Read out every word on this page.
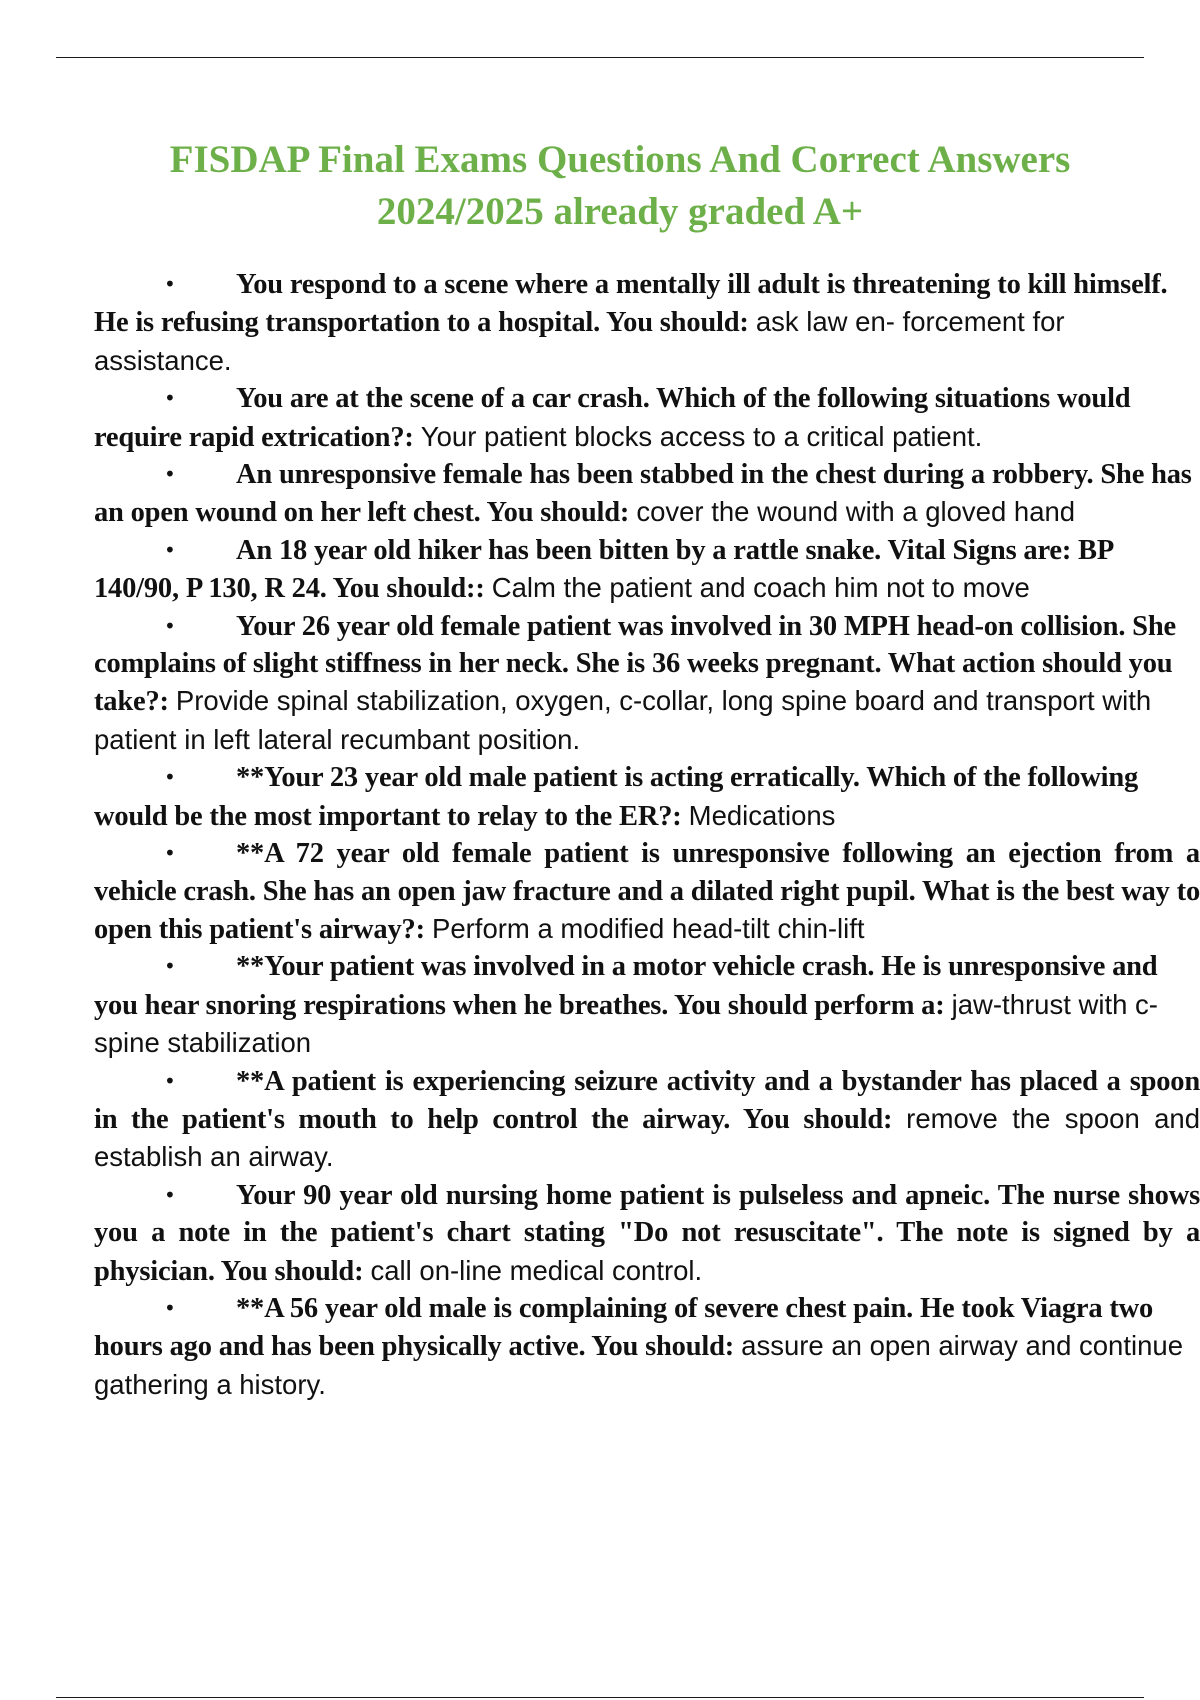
FISDAP Final Exams Questions And Correct Answers
2024/2025 already graded A+
• You respond to a scene where a mentally ill adult is threatening to kill himself. He is refusing transportation to a hospital. You should: ask law en- forcement for assistance.
• You are at the scene of a car crash. Which of the following situations would require rapid extrication?: Your patient blocks access to a critical patient.
• An unresponsive female has been stabbed in the chest during a robbery. She has an open wound on her left chest. You should: cover the wound with a gloved hand
• An 18 year old hiker has been bitten by a rattle snake. Vital Signs are: BP 140/90, P 130, R 24. You should:: Calm the patient and coach him not to move
• Your 26 year old female patient was involved in 30 MPH head-on collision. She complains of slight stiffness in her neck. She is 36 weeks pregnant. What action should you take?: Provide spinal stabilization, oxygen, c-collar, long spine board and transport with patient in left lateral recumbant position.
• **Your 23 year old male patient is acting erratically. Which of the following would be the most important to relay to the ER?: Medications
• **A 72 year old female patient is unresponsive following an ejection from a vehicle crash. She has an open jaw fracture and a dilated right pupil. What is the best way to open this patient's airway?: Perform a modified head-tilt chin-lift
• **Your patient was involved in a motor vehicle crash. He is unresponsive and you hear snoring respirations when he breathes. You should perform a: jaw-thrust with c-spine stabilization
• **A patient is experiencing seizure activity and a bystander has placed a spoon in the patient's mouth to help control the airway. You should: remove the spoon and establish an airway.
• Your 90 year old nursing home patient is pulseless and apneic. The nurse shows you a note in the patient's chart stating "Do not resuscitate". The note is signed by a physician. You should: call on-line medical control.
• **A 56 year old male is complaining of severe chest pain. He took Viagra two hours ago and has been physically active. You should: assure an open airway and continue gathering a history.
